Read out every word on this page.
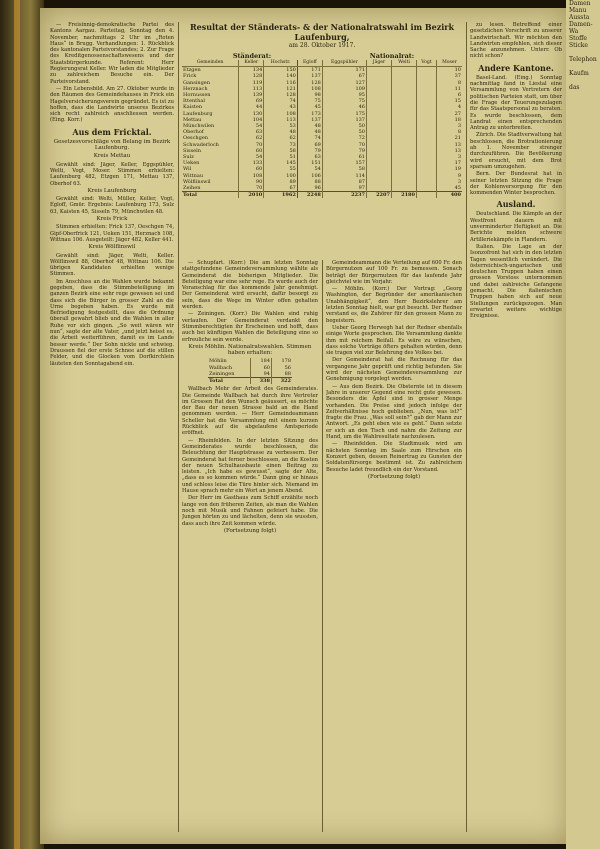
— Freisinnig-demokratische Partei des Kantons Aargau. Parteitag, Sonntag den 4. November, nachmittags 2 Uhr im „Roten Haus“ in Brugg. Verhandlungen: 1. Rückblick des kantonalen Parteivorstandes; 2. Zur Frage des Kreditgenossenschaftswesens und der Staatsbürgerkunde. Referent: Herr Regierungsrat Keller. Wir laden die Mitglieder zu zahlreichem Besuche ein. Der Parteivorstand.

— Ein Lebensbild. Am 27. Oktober wurde in den Räumen des Gemeindehauses in Frick ein Hagelversicherungsverein gegründet. Es ist zu hoffen, dass die Landwirte unseres Bezirkes sich recht zahlreich anschliessen werden. (Eing. Korr.)

Aus dem Fricktal.
Gesetzesvorschläge von Belang im Bezirk Laufenburg.
Kreis Mettau

Gewählt sind: Jäger, Keller, Eggspühler, Welti, Vogt, Moser. Stimmen erhielten: Laufenburg 482, Etzgen 171, Mettau 137, Oberhof 63.

Kreis Laufenburg

Gewählt sind: Welti, Müller, Keller, Vogt, Egloff, Gmür. Ergebnis: Laufenburg 173, Sulz 63, Kaisten 45, Sisseln 79, Münchwilen 48.

Kreis Frick

Stimmen erhielten: Frick 137, Oeschgen 74, Gipf-Oberfrick 121, Ueken 151, Herznach 108, Wittnau 106. Ausgeteilt: Jäger 482, Keller 441.

Kreis Wölflinswil

Gewählt sind: Jäger, Welti, Keller. Wölflinswil 88, Oberhof 48, Wittnau 106. Die übrigen Kandidaten erhielten wenige Stimmen.

Im Anschluss an die Wahlen wurde bekannt gegeben, dass die Stimmbeteiligung im ganzen Bezirk eine sehr rege gewesen sei und dass sich die Bürger in grosser Zahl an die Urne begeben haben. Es wurde mit Befriedigung festgestellt, dass die Ordnung überall gewahrt blieb und die Wahlen in aller Ruhe vor sich gingen. „So weit wären wir nun“, sagte der alte Vater, „und jetzt heisst es, die Arbeit weiterführen, damit es im Lande besser werde.“ Der Sohn nickte und schwieg. Draussen fiel der erste Schnee auf die stillen Felder, und die Glocken vom Dorfkirchlein läuteten den Sonntagabend ein.

Resultat der Ständerats- & der Nationalratswahl im Bezirk Laufenburg,
am 28. Oktober 1917.
Ständerat:	Nationalrat:
Gemeinden	Keller	Hochstr.	Egloff	Eggspühler	Jäger	Welti	Vogt	Moser
Etzgen	134	150	171	171				10
Frick	128	140	137	67				37
Gansingen	119	116	128	127				8
Herznach	113	121	108	109				11
Hornussen	139	128	98	95				6
Ittenthal	69	74	75	75				15
Kaisten	44	43	45	46				4
Laufenburg	130	108	173	175				27
Mettau	104	113	137	137				18
Münchwilen	54	53	48	50				3
Oberhof	63	48	48	50				8
Oeschgen	62	62	74	72				21
Schwaderloch	70	73	69	70				13
Sisseln	60	58	79	79				13
Sulz	54	51	63	61				3
Ueken	133	145	151	157				17
Wil	60	55	54	58				19
Wittnau	108	100	106	114				9
Wölflinswil	90	89	88	87				3
Zeihen	70	67	96	97				45
Total	2010	1962	2248	2237	2207	2180		400

— Schupfart. (Korr.) Die am letzten Sonntag stattgefundene Gemeindeversammlung wählte als Gemeinderat die bisherigen Mitglieder. Die Beteiligung war eine sehr rege. Es wurde auch der Voranschlag für das kommende Jahr genehmigt. Der Gemeinderat wird ersucht, dafür besorgt zu sein, dass die Wege im Winter offen gehalten werden.

— Zeiningen. (Korr.) Die Wahlen sind ruhig verlaufen. Der Gemeinderat verdankt den Stimmberechtigten ihr Erscheinen und hofft, dass auch bei künftigen Wahlen die Beteiligung eine so erfreuliche sein werde.

Kreis Möhlin. Nationalratswahlen. Stimmen haben erhalten:
Möhlin	184	178
Wallbach	60	56
Zeiningen	94	88
Total	338	322

Wallbach Mehr der Arbeit des Gemeinderates. Die Gemeinde Wallbach hat durch ihre Vertreter im Grossen Rat den Wunsch geäussert, es möchte der Bau der neuen Strasse bald an die Hand genommen werden. — Herr Gemeindeammann Scheller hat die Versammlung mit einem kurzen Rückblick auf die abgelaufene Amtsperiode eröffnet.

— Rheinfelden. In der letzten Sitzung des Gemeinderates wurde beschlossen, die Beleuchtung der Hauptstrasse zu verbessern. Der Gemeinderat hat ferner beschlossen, an die Kosten der neuen Schulhausbaute einen Beitrag zu leisten. „Ich habe es gewusst“, sagte der Alte, „dass es so kommen würde.“ Dann ging er hinaus und schloss leise die Türe hinter sich. Niemand im Hause sprach mehr ein Wort an jenem Abend.

Der Herr im Gasthaus zum Schiff erzählte noch lange von den früheren Zeiten, als man die Wahlen noch mit Musik und Fahnen gefeiert habe. Die Jungen hörten zu und lächelten, denn sie wussten, dass auch ihre Zeit kommen würde.

(Fortsetzung folgt)

Gemeindeammann die Verteilung auf 600 Fr. den Bürgernutzen auf 100 Fr. zu bemessen. Sonach beträgt der Bürgernutzen für das laufende Jahr gleichviel wie im Vorjahr.

— Möhlin. (Korr.) Der Vortrag: „Georg Washington, der Begründer der amerikanischen Unabhängigkeit“, den Herr Bezirkslehrer am letzten Sonntag hielt, war gut besucht. Der Redner verstand es, die Zuhörer für den grossen Mann zu begeistern.

Ueber Georg Herwegh hat der Redner ebenfalls einige Worte gesprochen. Die Versammlung dankte ihm mit reichem Beifall. Es wäre zu wünschen, dass solche Vorträge öfters gehalten würden, denn sie tragen viel zur Belehrung des Volkes bei.

Der Gemeinderat hat die Rechnung für das vergangene Jahr geprüft und richtig befunden. Sie wird der nächsten Gemeindeversammlung zur Genehmigung vorgelegt werden.

— Aus dem Bezirk. Die Obsternte ist in diesem Jahre in unserer Gegend eine recht gute gewesen. Besonders die Äpfel sind in grosser Menge vorhanden. Die Preise sind jedoch infolge der Zeitverhältnisse hoch geblieben. „Nun, was ist?“ fragte die Frau. „Was soll sein?“ gab der Mann zur Antwort. „Es geht eben wie es geht.“ Dann setzte er sich an den Tisch und nahm die Zeitung zur Hand, um die Wahlresultate nachzulesen.

— Rheinfelden. Die Stadtmusik wird am nächsten Sonntag im Saale zum Hirschen ein Konzert geben, dessen Reinertrag zu Gunsten der Soldatenfürsorge bestimmt ist. Zu zahlreichem Besuche ladet freundlich ein der Vorstand.

(Fortsetzung folgt)

zu lesen. Betreffend einer gesetzlichen Vorschrift zu unserer Landwirtschaft. Wir möchten den Landwirten empfehlen, sich dieser Sache anzunehmen. Unterr. Ob nicht schon?

Andere Kantone.

Basel-Land. (Eing.) Sonntag nachmittag fand in Liestal eine Versammlung von Vertretern der politischen Parteien statt, um über die Frage der Teuerungszulagen für das Staatspersonal zu beraten. Es wurde beschlossen, dem Landrat einen entsprechenden Antrag zu unterbreiten.

Zürich. Die Stadtverwaltung hat beschlossen, die Brotrationierung ab 1. November strenger durchzuführen. Die Bevölkerung wird ersucht, mit dem Brot sparsam umzugehen.

Bern. Der Bundesrat hat in seiner letzten Sitzung die Frage der Kohlenversorgung für den kommenden Winter besprochen.

Ausland.

Deutschland. Die Kämpfe an der Westfront dauern mit unverminderter Heftigkeit an. Die Berichte melden schwere Artilleriekämpfe in Flandern.

Italien. Die Lage an der Isonzofront hat sich in den letzten Tagen wesentlich verändert. Die österreichisch-ungarischen und deutschen Truppen haben einen grossen Vorstoss unternommen und dabei zahlreiche Gefangene gemacht. Die italienischen Truppen haben sich auf neue Stellungen zurückgezogen. Man erwartet weitere wichtige Ereignisse.

Damen
Manu
Aussta
Damen-
Wa
Stoffe
Sticke

Telephon

Kaufm

das
